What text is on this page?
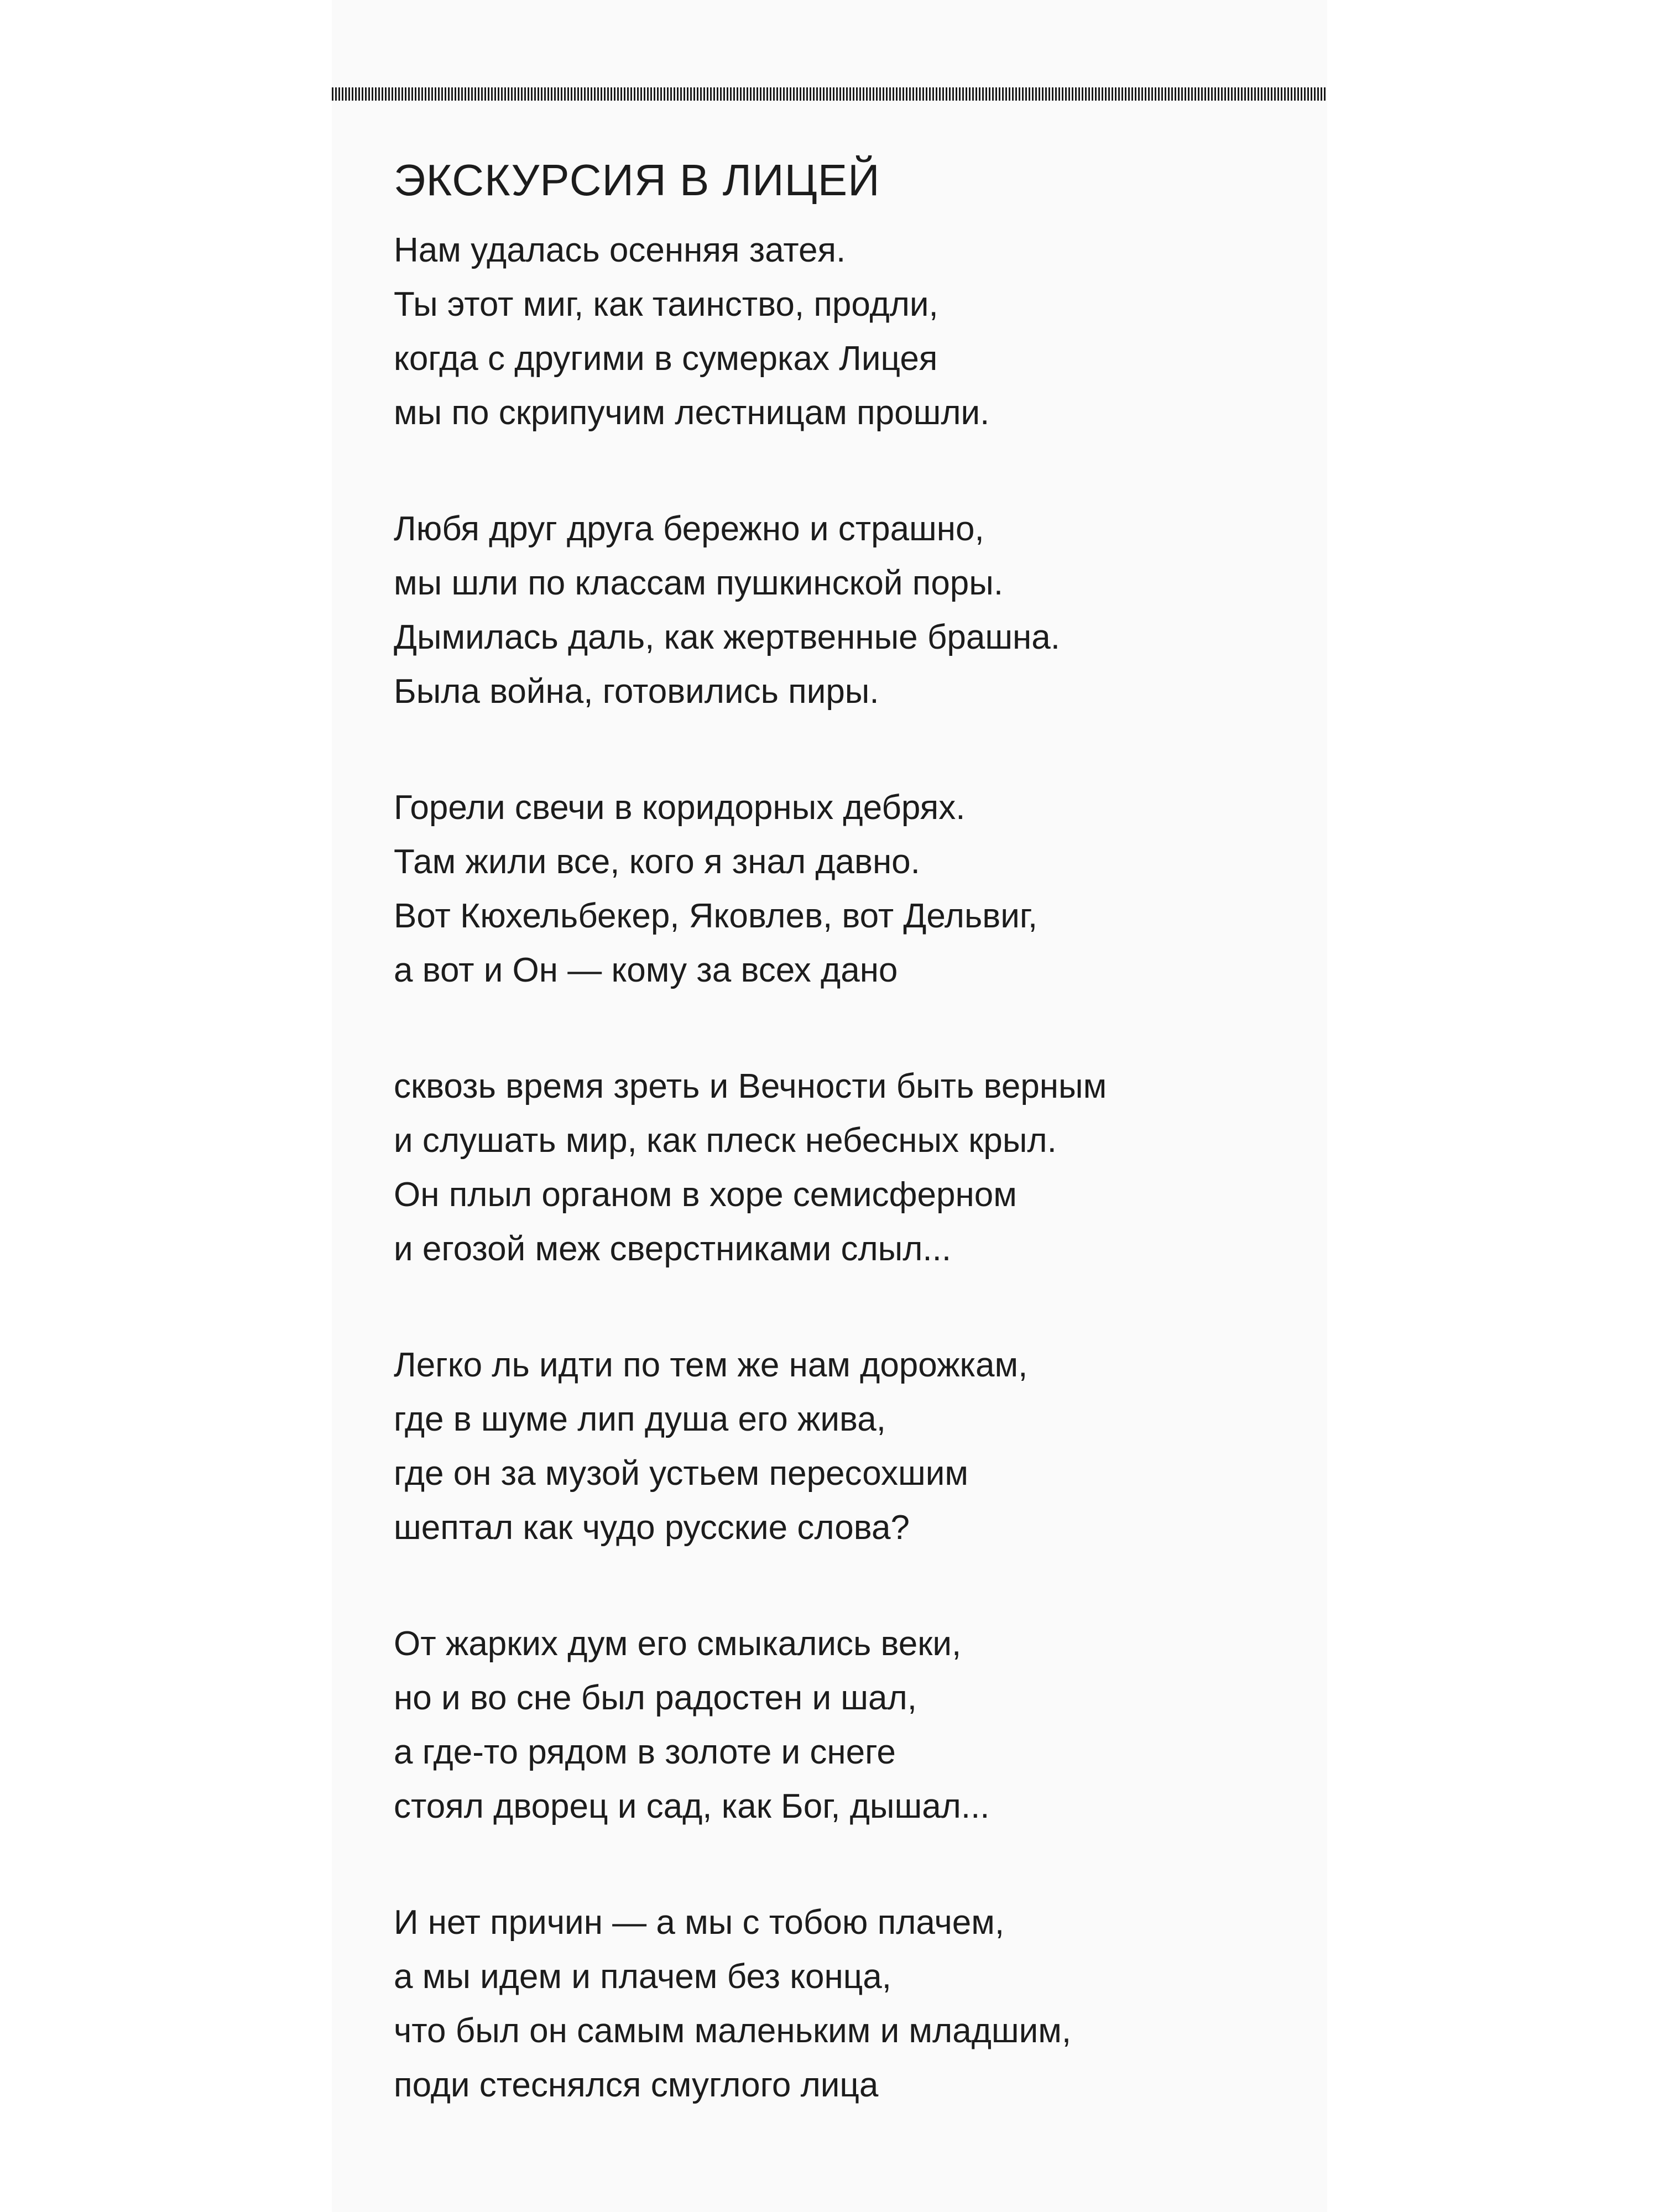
ЭКСКУРСИЯ В ЛИЦЕЙ
Нам удалась осенняя затея.
Ты этот миг, как таинство, продли,
когда с другими в сумерках Лицея
мы по скрипучим лестницам прошли.
Любя друг друга бережно и страшно,
мы шли по классам пушкинской поры.
Дымилась даль, как жертвенные брашна.
Была война, готовились пиры.
Горели свечи в коридорных дебрях.
Там жили все, кого я знал давно.
Вот Кюхельбекер, Яковлев, вот Дельвиг,
а вот и Он — кому за всех дано
сквозь время зреть и Вечности быть верным
и слушать мир, как плеск небесных крыл.
Он плыл органом в хоре семисферном
и егозой меж сверстниками слыл...
Легко ль идти по тем же нам дорожкам,
где в шуме лип душа его жива,
где он за музой устьем пересохшим
шептал как чудо русские слова?
От жарких дум его смыкались веки,
но и во сне был радостен и шал,
а где-то рядом в золоте и снеге
стоял дворец и сад, как Бог, дышал...
И нет причин — а мы с тобою плачем,
а мы идем и плачем без конца,
что был он самым маленьким и младшим,
поди стеснялся смуглого лица
